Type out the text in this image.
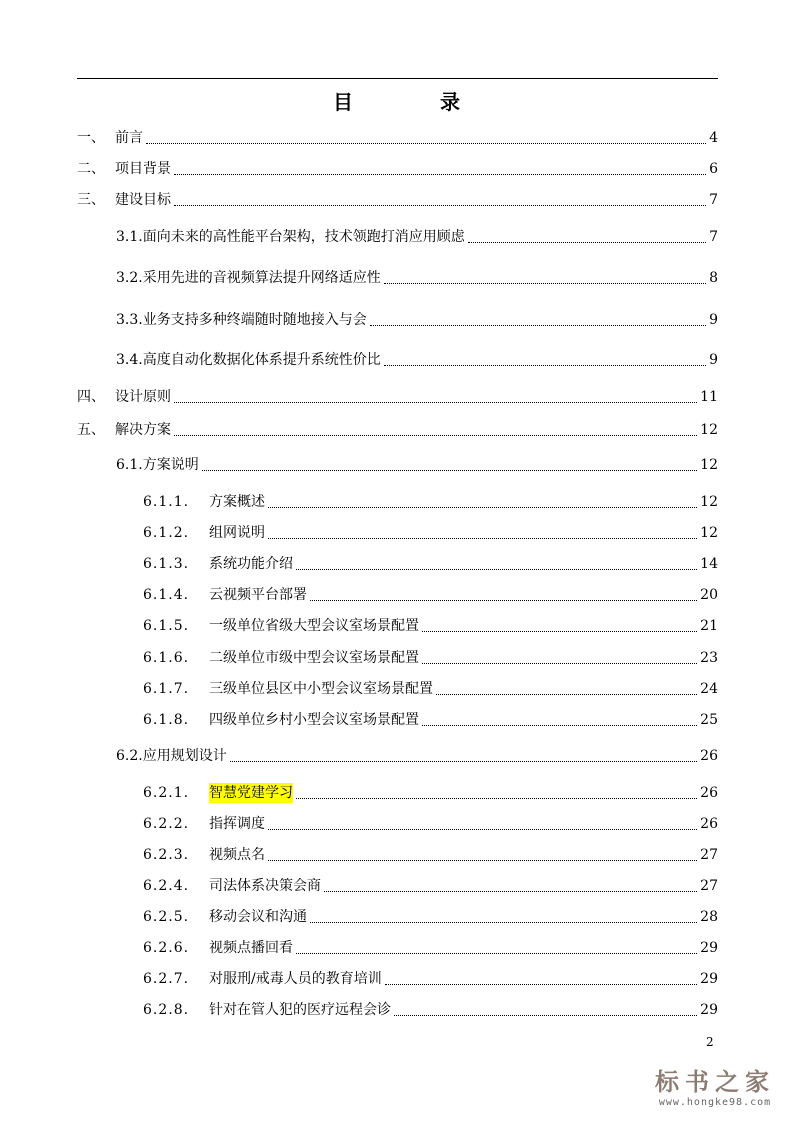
目 录
一、 前言	4
二、 项目背景	6
三、 建设目标	7
3.1.面向未来的高性能平台架构，技术领跑打消应用顾虑	7
3.2.采用先进的音视频算法提升网络适应性	8
3.3.业务支持多种终端随时随地接入与会	9
3.4.高度自动化数据化体系提升系统性价比	9
四、 设计原则	11
五、 解决方案	12
6.1.方案说明	12
6.1.1.	方案概述	12
6.1.2.	组网说明	12
6.1.3.	系统功能介绍	14
6.1.4.	云视频平台部署	20
6.1.5.	一级单位省级大型会议室场景配置	21
6.1.6.	二级单位市级中型会议室场景配置	23
6.1.7.	三级单位县区中小型会议室场景配置	24
6.1.8.	四级单位乡村小型会议室场景配置	25
6.2.应用规划设计	26
6.2.1.	智慧党建学习	26
6.2.2.	指挥调度	26
6.2.3.	视频点名	27
6.2.4.	司法体系决策会商	27
6.2.5.	移动会议和沟通	28
6.2.6.	视频点播回看	29
6.2.7.	对服刑/戒毒人员的教育培训	29
6.2.8.	针对在管人犯的医疗远程会诊	29
2
标书之家
www.hongke98.com
